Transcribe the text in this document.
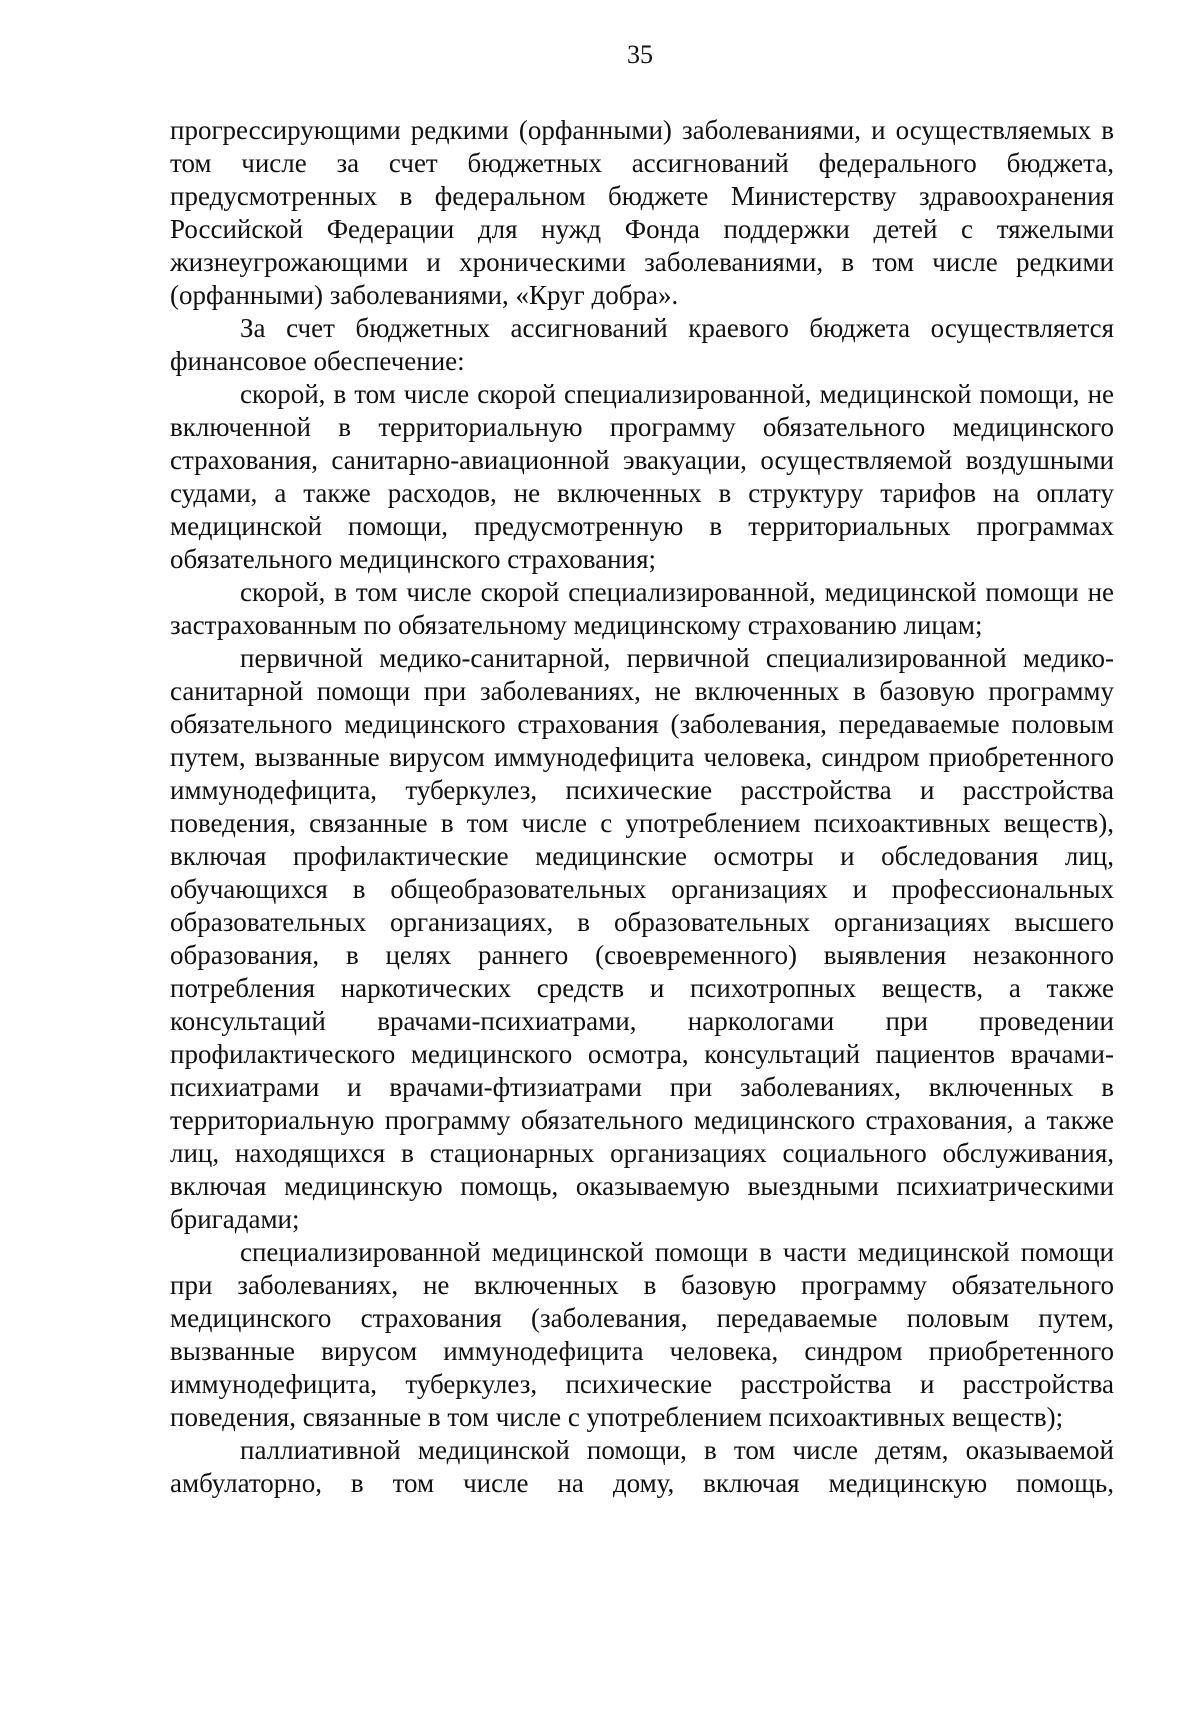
35

прогрессирующими редкими (орфанными) заболеваниями, и осуществляемых в том числе за счет бюджетных ассигнований федерального бюджета, предусмотренных в федеральном бюджете Министерству здравоохранения Российской Федерации для нужд Фонда поддержки детей с тяжелыми жизнеугрожающими и хроническими заболеваниями, в том числе редкими (орфанными) заболеваниями, «Круг добра».

За счет бюджетных ассигнований краевого бюджета осуществляется финансовое обеспечение:

скорой, в том числе скорой специализированной, медицинской помощи, не включенной в территориальную программу обязательного медицинского страхования, санитарно-авиационной эвакуации, осуществляемой воздушными судами, а также расходов, не включенных в структуру тарифов на оплату медицинской помощи, предусмотренную в территориальных программах обязательного медицинского страхования;

скорой, в том числе скорой специализированной, медицинской помощи не застрахованным по обязательному медицинскому страхованию лицам;

первичной медико-санитарной, первичной специализированной медико-санитарной помощи при заболеваниях, не включенных в базовую программу обязательного медицинского страхования (заболевания, передаваемые половым путем, вызванные вирусом иммунодефицита человека, синдром приобретенного иммунодефицита, туберкулез, психические расстройства и расстройства поведения, связанные в том числе с употреблением психоактивных веществ), включая профилактические медицинские осмотры и обследования лиц, обучающихся в общеобразовательных организациях и профессиональных образовательных организациях, в образовательных организациях высшего образования, в целях раннего (своевременного) выявления незаконного потребления наркотических средств и психотропных веществ, а также консультаций врачами-психиатрами, наркологами при проведении профилактического медицинского осмотра, консультаций пациентов врачами-психиатрами и врачами-фтизиатрами при заболеваниях, включенных в территориальную программу обязательного медицинского страхования, а также лиц, находящихся в стационарных организациях социального обслуживания, включая медицинскую помощь, оказываемую выездными психиатрическими бригадами;

специализированной медицинской помощи в части медицинской помощи при заболеваниях, не включенных в базовую программу обязательного медицинского страхования (заболевания, передаваемые половым путем, вызванные вирусом иммунодефицита человека, синдром приобретенного иммунодефицита, туберкулез, психические расстройства и расстройства поведения, связанные в том числе с употреблением психоактивных веществ);

паллиативной медицинской помощи, в том числе детям, оказываемой амбулаторно, в том числе на дому, включая медицинскую помощь,
